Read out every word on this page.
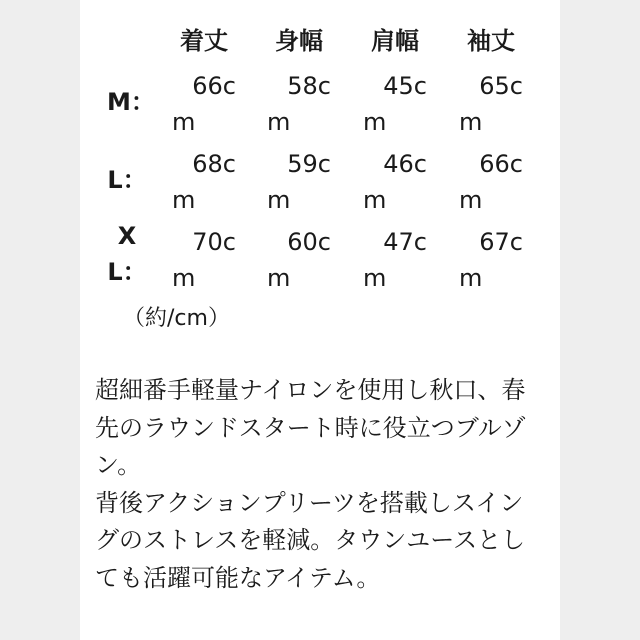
着丈 身幅 肩幅 袖丈
M：
66c
m
58c
m
45c
m
65c
m
L：
68c
m
59c
m
46c
m
66c
m
X
L：
70c
m
60c
m
47c
m
67c
m
（約/cm）

超細番手軽量ナイロンを使用し秋口、春先のラウンドスタート時に役立つブルゾン。

背後アクションプリーツを搭載しスイングのストレスを軽減。タウンユースとしても活躍可能なアイテム。
